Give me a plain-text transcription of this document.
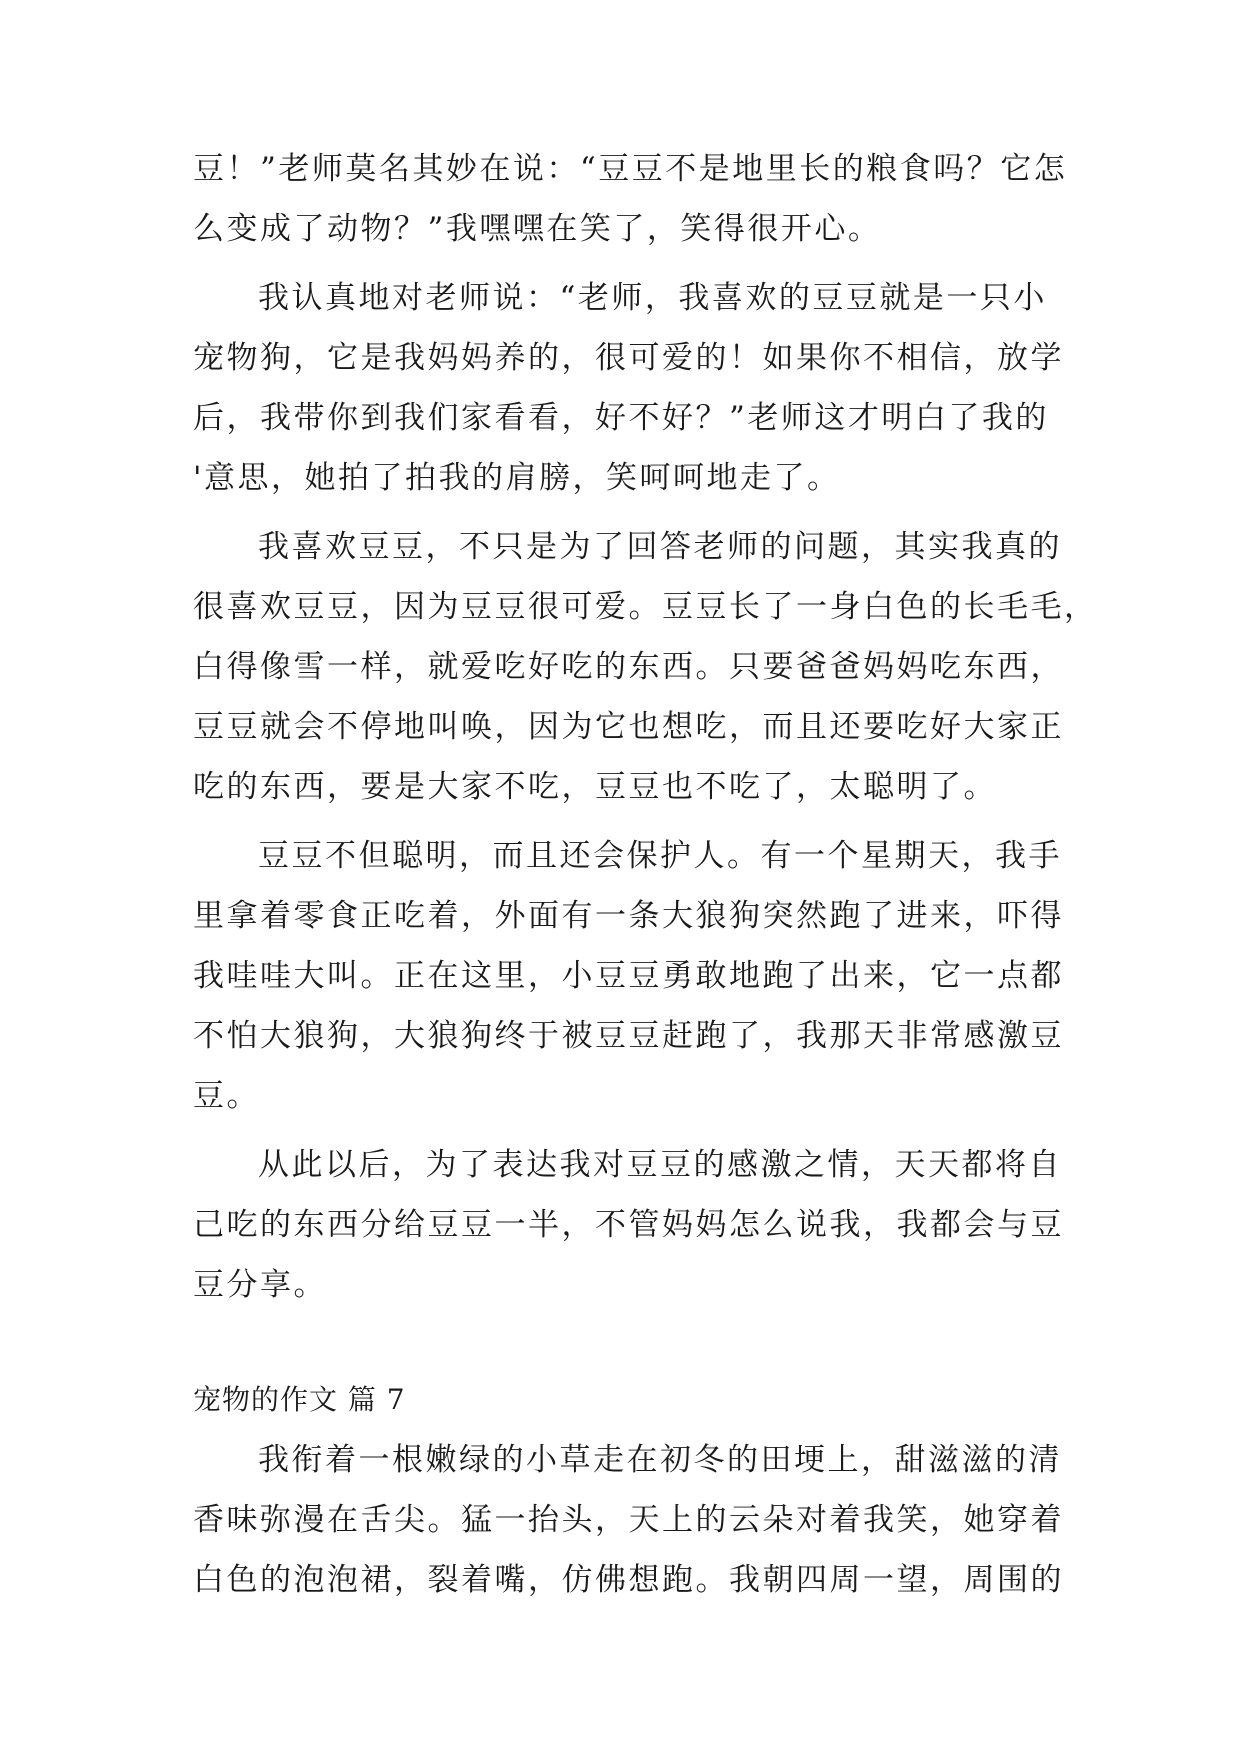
豆！”老师莫名其妙在说：“豆豆不是地里长的粮食吗？它怎
么变成了动物？”我嘿嘿在笑了，笑得很开心。
我认真地对老师说：“老师，我喜欢的豆豆就是一只小
宠物狗，它是我妈妈养的，很可爱的！如果你不相信，放学
后，我带你到我们家看看，好不好？”老师这才明白了我的
'意思，她拍了拍我的肩膀，笑呵呵地走了。
我喜欢豆豆，不只是为了回答老师的问题，其实我真的
很喜欢豆豆，因为豆豆很可爱。豆豆长了一身白色的长毛毛，
白得像雪一样，就爱吃好吃的东西。只要爸爸妈妈吃东西，
豆豆就会不停地叫唤，因为它也想吃，而且还要吃好大家正
吃的东西，要是大家不吃，豆豆也不吃了，太聪明了。
豆豆不但聪明，而且还会保护人。有一个星期天，我手
里拿着零食正吃着，外面有一条大狼狗突然跑了进来，吓得
我哇哇大叫。正在这里，小豆豆勇敢地跑了出来，它一点都
不怕大狼狗，大狼狗终于被豆豆赶跑了，我那天非常感激豆
豆。
从此以后，为了表达我对豆豆的感激之情，天天都将自
己吃的东西分给豆豆一半，不管妈妈怎么说我，我都会与豆
豆分享。
宠物的作文 篇 7
我衔着一根嫩绿的小草走在初冬的田埂上，甜滋滋的清
香味弥漫在舌尖。猛一抬头，天上的云朵对着我笑，她穿着
白色的泡泡裙，裂着嘴，仿佛想跑。我朝四周一望，周围的
